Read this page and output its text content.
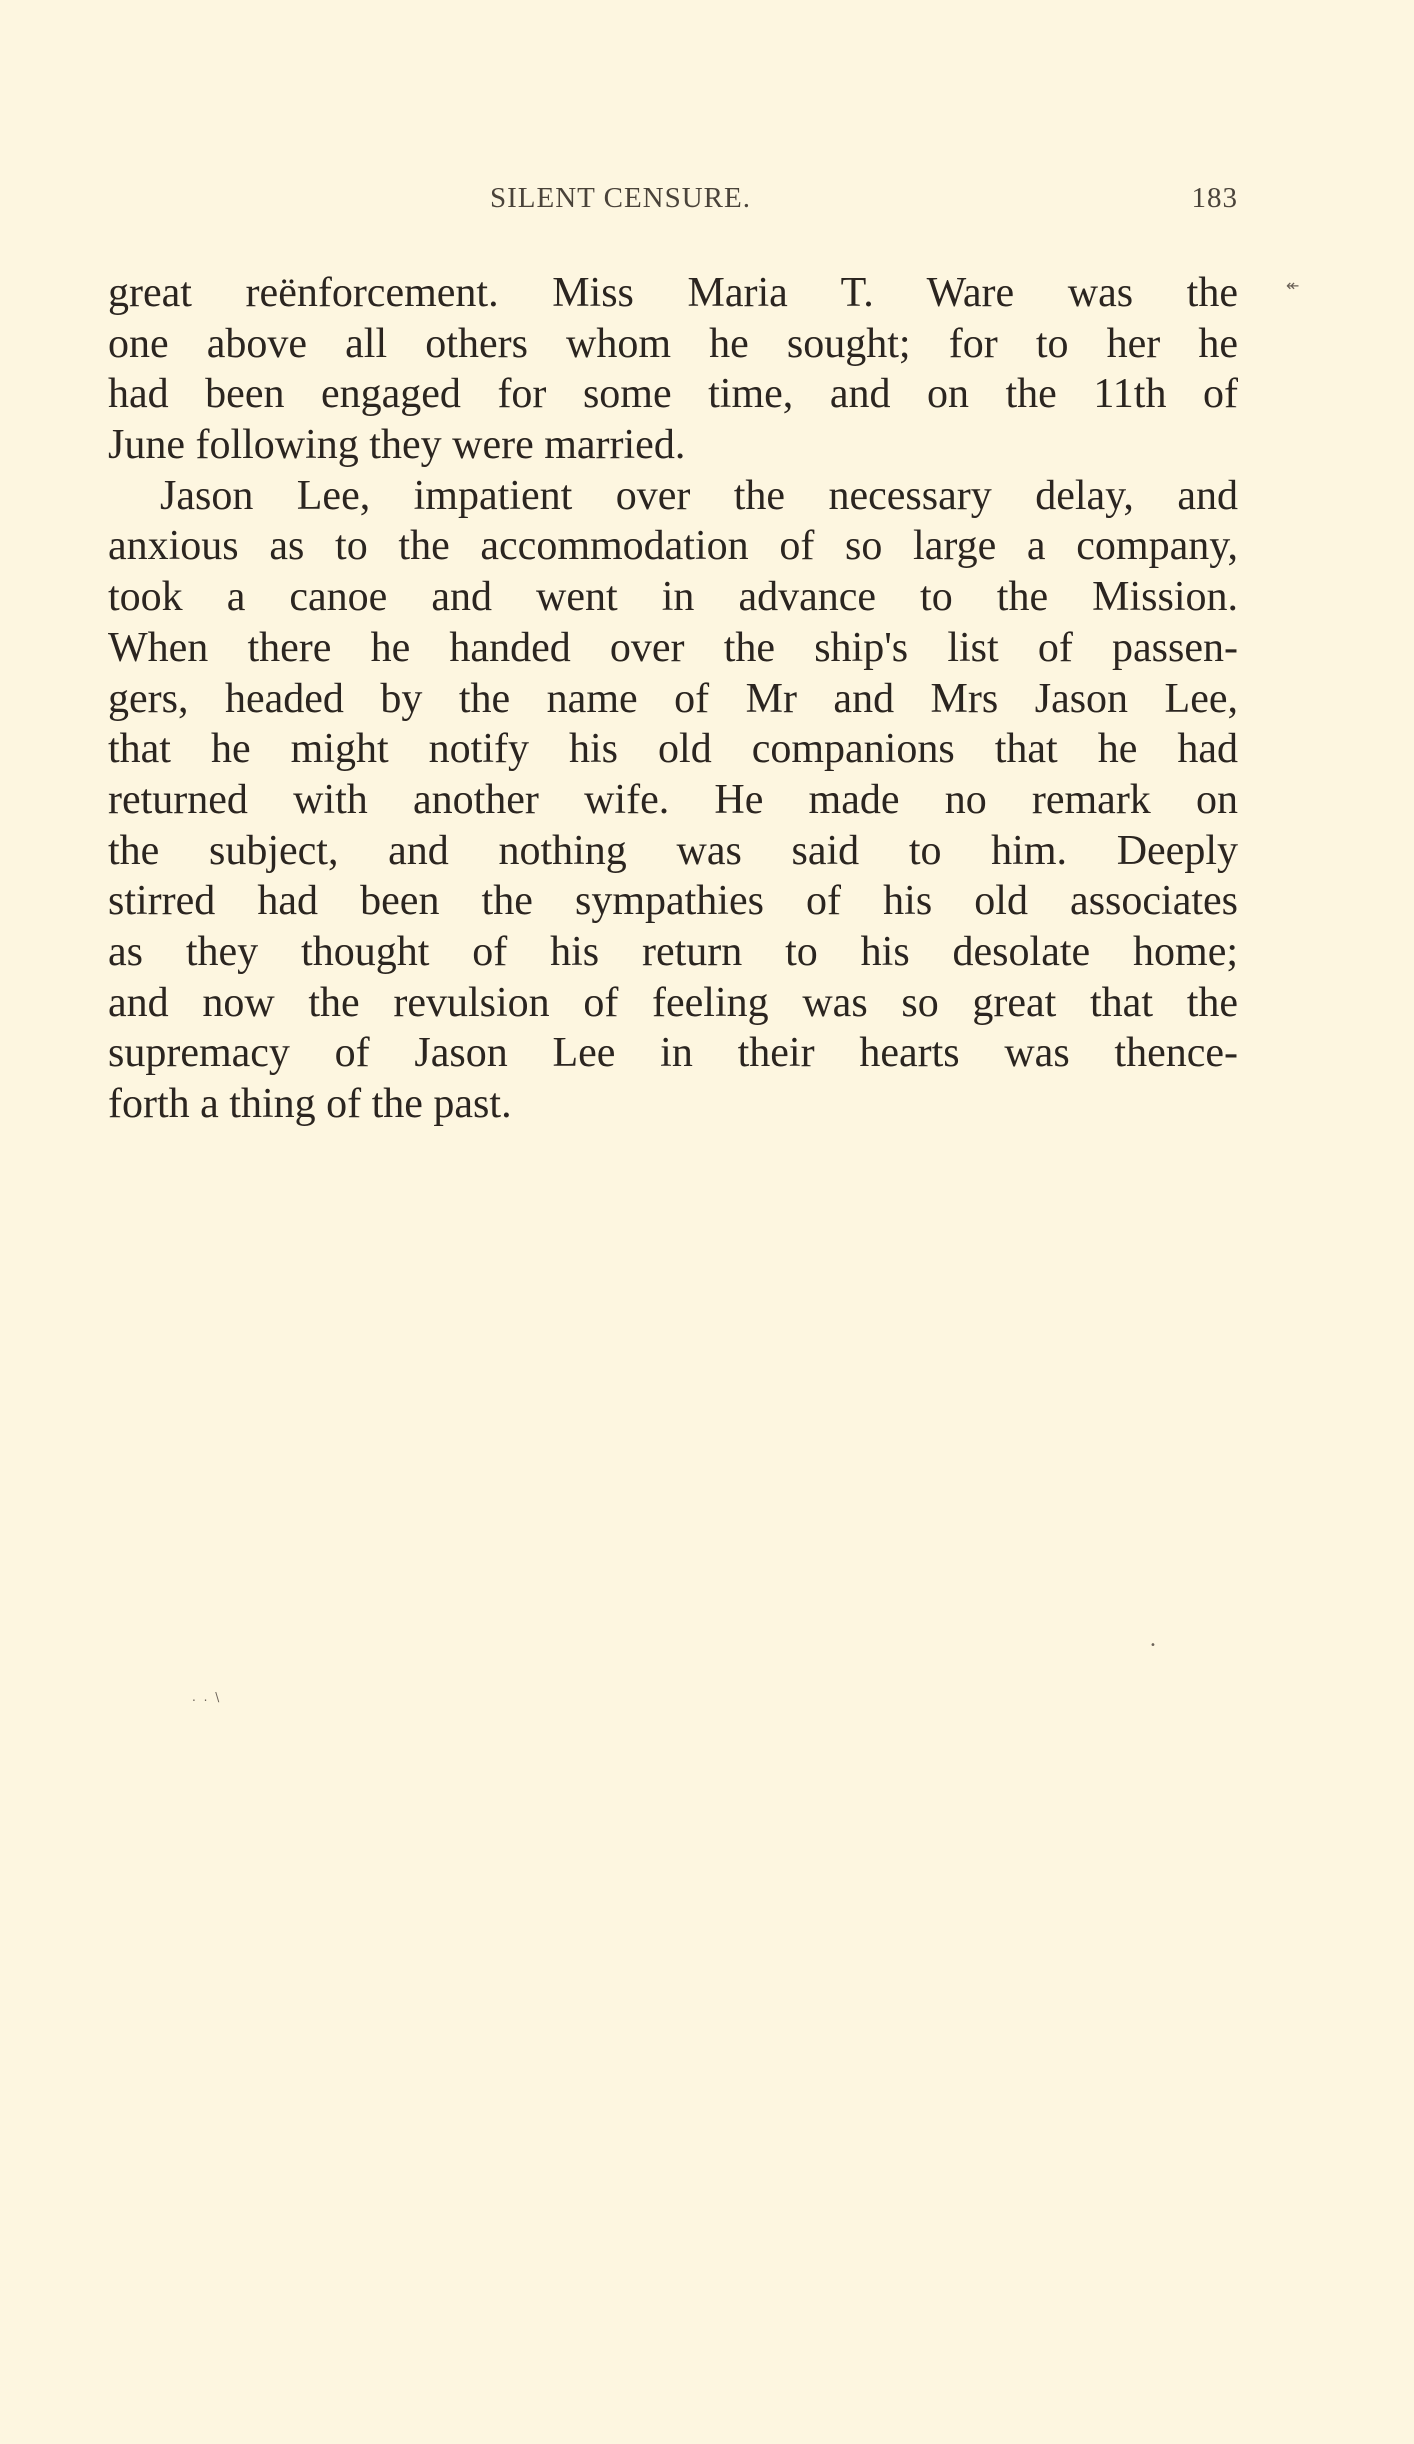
SILENT CENSURE.	183
↞
great reënforcement. Miss Maria T. Ware was the
one above all others whom he sought; for to her he
had been engaged for some time, and on the 11th of
June following they were married.
Jason Lee, impatient over the necessary delay, and
anxious as to the accommodation of so large a company,
took a canoe and went in advance to the Mission.
When there he handed over the ship's list of passen-
gers, headed by the name of Mr and Mrs Jason Lee,
that he might notify his old companions that he had
returned with another wife. He made no remark on
the subject, and nothing was said to him. Deeply
stirred had been the sympathies of his old associates
as they thought of his return to his desolate home;
and now the revulsion of feeling was so great that the
supremacy of Jason Lee in their hearts was thence-
forth a thing of the past.
•
. . \
